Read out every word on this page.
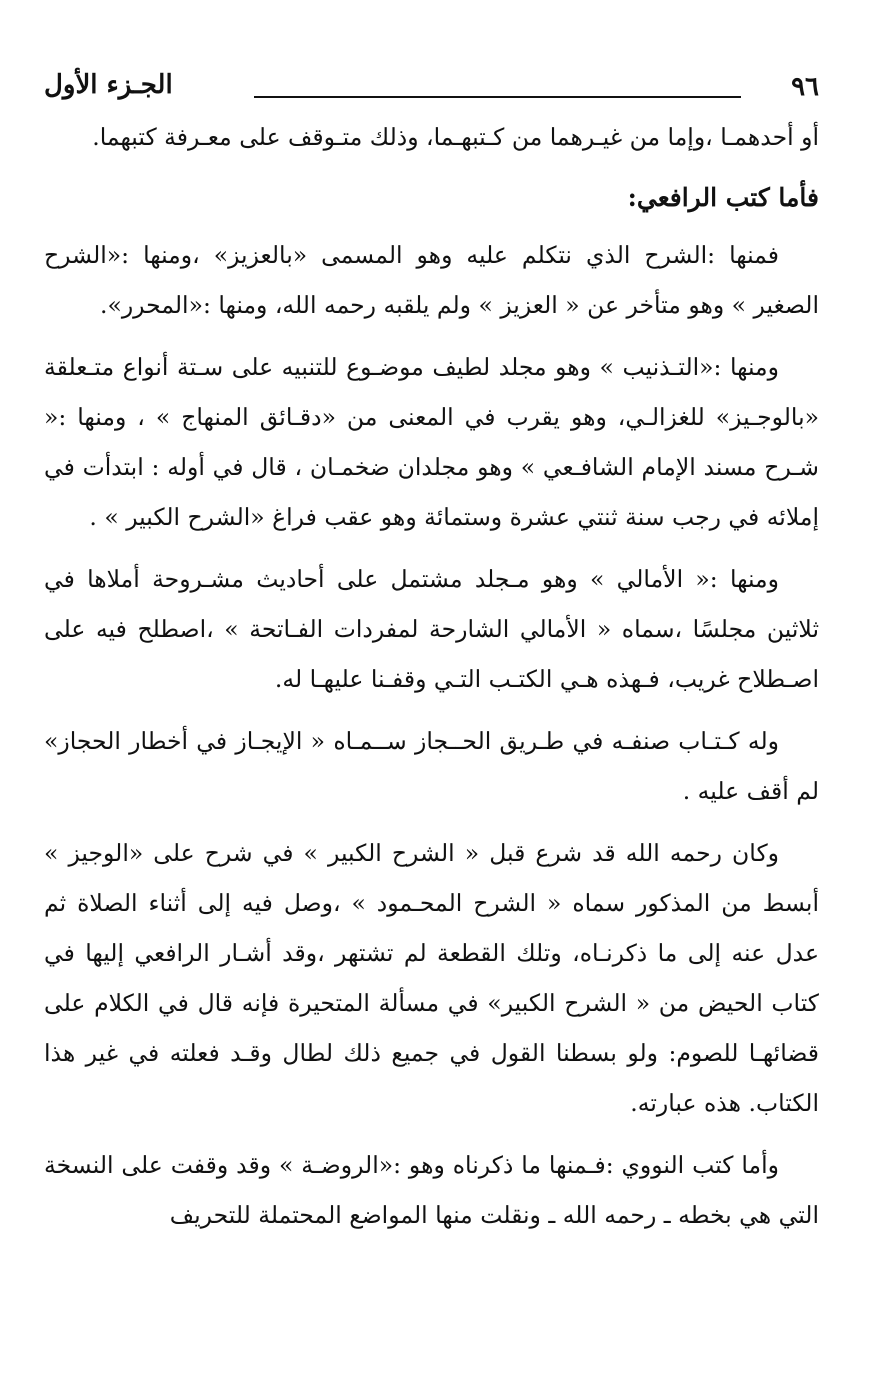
٩٦
الجـزء الأول

أو أحدهمـا ،وإما من غيـرهما من كـتبهـما، وذلك متـوقف على معـرفة كتبهما.

فأما كتب الرافعي:

فمنها :الشرح الذي نتكلم عليه وهو المسمى «بالعزيز» ،ومنها :«الشرح الصغير » وهو متأخر عن « العزيز » ولم يلقبه رحمه الله، ومنها :«المحرر».

ومنها :«التـذنيب » وهو مجلد لطيف موضـوع للتنبيه على سـتة أنواع متـعلقة «بالوجـيز» للغزالـي، وهو يقرب في المعنى من «دقـائق المنهاج » ، ومنها :« شـرح مسند الإمام الشافـعي » وهو مجلدان ضخمـان ، قال في أوله : ابتدأت في إملائه في رجب سنة ثنتي عشرة وستمائة وهو عقب فراغ «الشرح الكبير » .

ومنها :« الأمالي » وهو مـجلد مشتمل على أحاديث مشـروحة أملاها في ثلاثين مجلسًا ،سماه « الأمالي الشارحة لمفردات الفـاتحة » ،اصطلح فيه على اصـطلاح غريب، فـهذه هـي الكتـب التـي وقفـنا عليهـا له.

وله كـتـاب صنفـه في طـريق الحــجاز ســمـاه « الإيجـاز في أخطار الحجاز» لم أقف عليه .

وكان رحمه الله قد شرع قبل « الشرح الكبير » في شرح على «الوجيز » أبسط من المذكور سماه « الشرح المحـمود » ،وصل فيه إلى أثناء الصلاة ثم عدل عنه إلى ما ذكرنـاه، وتلك القطعة لم تشتهر ،وقد أشـار الرافعي إليها في كتاب الحيض من « الشرح الكبير» في مسألة المتحيرة فإنه قال في الكلام على قضائهـا للصوم: ولو بسطنا القول في جميع ذلك لطال وقـد فعلته في غير هذا الكتاب. هذه عبارته.

وأما كتب النووي :فـمنها ما ذكرناه وهو :«الروضـة » وقد وقفت على النسخة التي هي بخطه ـ رحمه الله ـ ونقلت منها المواضع المحتملة للتحريف
